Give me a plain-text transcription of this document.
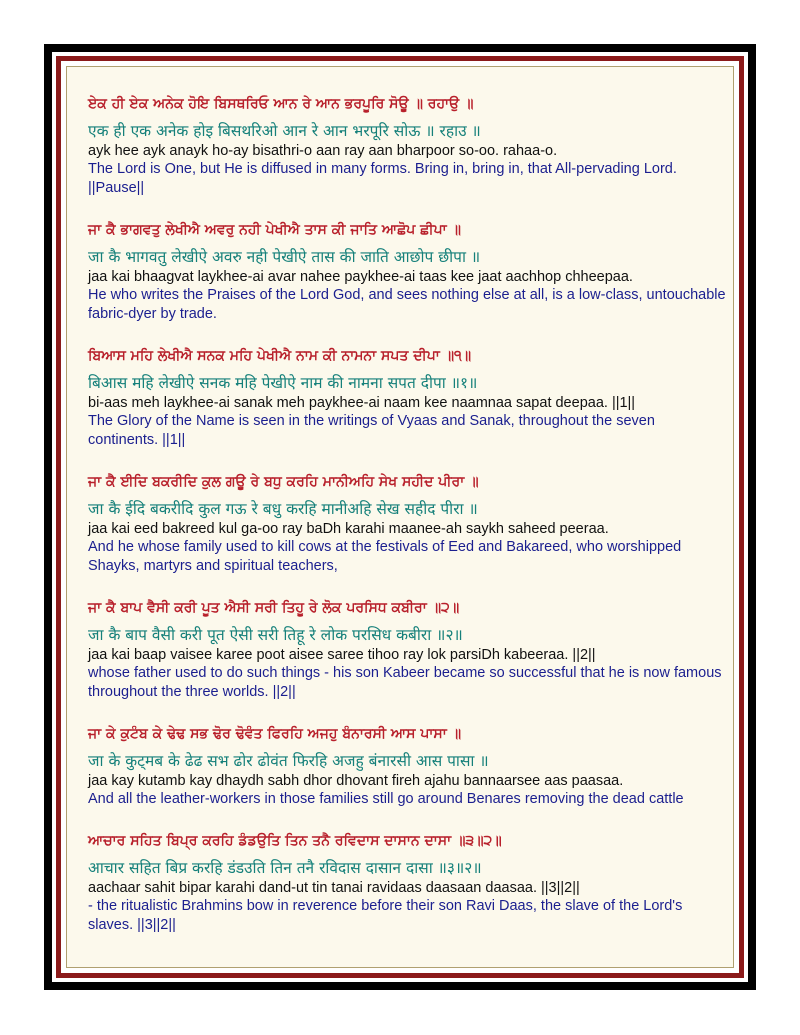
ਏਕ ਹੀ ਏਕ ਅਨੇਕ ਹੋਇ ਬਿਸਥਰਿਓ ਆਨ ਰੇ ਆਨ ਭਰਪੂਰਿ ਸੋਊ ॥ ਰਹਾਉ ॥
एक ही एक अनेक होइ बिसथरिओ आन रे आन भरपूरि सोऊ ॥ रहाउ ॥
ayk hee ayk anayk ho-ay bisathri-o aan ray aan bharpoor so-oo. rahaa-o.
The Lord is One, but He is diffused in many forms. Bring in, bring in, that All-pervading Lord. ||Pause||
ਜਾ ਕੈ ਭਾਗਵਤੁ ਲੇਖੀਐ ਅਵਰੁ ਨਹੀ ਪੇਖੀਐ ਤਾਸ ਕੀ ਜਾਤਿ ਆਛੋਪ ਛੀਪਾ ॥
जा कै भागवतु लेखीऐ अवरु नही पेखीऐ तास की जाति आछोप छीपा ॥
jaa kai bhaagvat laykhee-ai avar nahee paykhee-ai taas kee jaat aachhop chheepaa.
He who writes the Praises of the Lord God, and sees nothing else at all, is a low-class, untouchable fabric-dyer by trade.
ਬਿਆਸ ਮਹਿ ਲੇਖੀਐ ਸਨਕ ਮਹਿ ਪੇਖੀਐ ਨਾਮ ਕੀ ਨਾਮਨਾ ਸਪਤ ਦੀਪਾ ॥੧॥
बिआस महि लेखीऐ सनक महि पेखीऐ नाम की नामना सपत दीपा ॥१॥
bi-aas meh laykhee-ai sanak meh paykhee-ai naam kee naamnaa sapat deepaa. ||1||
The Glory of the Name is seen in the writings of Vyaas and Sanak, throughout the seven continents. ||1||
ਜਾ ਕੈ ਈਦਿ ਬਕਰੀਦਿ ਕੁਲ ਗਊ ਰੇ ਬਧੁ ਕਰਹਿ ਮਾਨੀਅਹਿ ਸੇਖ ਸਹੀਦ ਪੀਰਾ ॥
जा कै ईदि बकरीदि कुल गऊ रे बधु करहि मानीअहि सेख सहीद पीरा ॥
jaa kai eed bakreed kul ga-oo ray baDh karahi maanee-ah saykh saheed peeraa.
And he whose family used to kill cows at the festivals of Eed and Bakareed, who worshipped Shayks, martyrs and spiritual teachers,
ਜਾ ਕੈ ਬਾਪ ਵੈਸੀ ਕਰੀ ਪੂਤ ਐਸੀ ਸਰੀ ਤਿਹੂ ਰੇ ਲੋਕ ਪਰਸਿਧ ਕਬੀਰਾ ॥੨॥
जा कै बाप वैसी करी पूत ऐसी सरी तिहू रे लोक परसिध कबीरा ॥२॥
jaa kai baap vaisee karee poot aisee saree tihoo ray lok parsiDh kabeeraa. ||2||
whose father used to do such things - his son Kabeer became so successful that he is now famous throughout the three worlds. ||2||
ਜਾ ਕੇ ਕੁਟੰਬ ਕੇ ਢੇਢ ਸਭ ਢੋਰ ਢੋਵੰਤ ਫਿਰਹਿ ਅਜਹੁ ਬੰਨਾਰਸੀ ਆਸ ਪਾਸਾ ॥
जा के कुट्मब के ढेढ सभ ढोर ढोवंत फिरहि अजहु बंनारसी आस पासा ॥
jaa kay kutamb kay dhaydh sabh dhor dhovant fireh ajahu bannaarsee aas paasaa.
And all the leather-workers in those families still go around Benares removing the dead cattle
ਆਚਾਰ ਸਹਿਤ ਬਿਪ੍ਰ ਕਰਹਿ ਡੰਡਉਤਿ ਤਿਨ ਤਨੈ ਰਵਿਦਾਸ ਦਾਸਾਨ ਦਾਸਾ ॥੩॥੨॥
आचार सहित बिप्र करहि डंडउति तिन तनै रविदास दासान दासा ॥३॥२॥
aachaar sahit bipar karahi dand-ut tin tanai ravidaas daasaan daasaa. ||3||2||
- the ritualistic Brahmins bow in reverence before their son Ravi Daas, the slave of the Lord's slaves. ||3||2||
